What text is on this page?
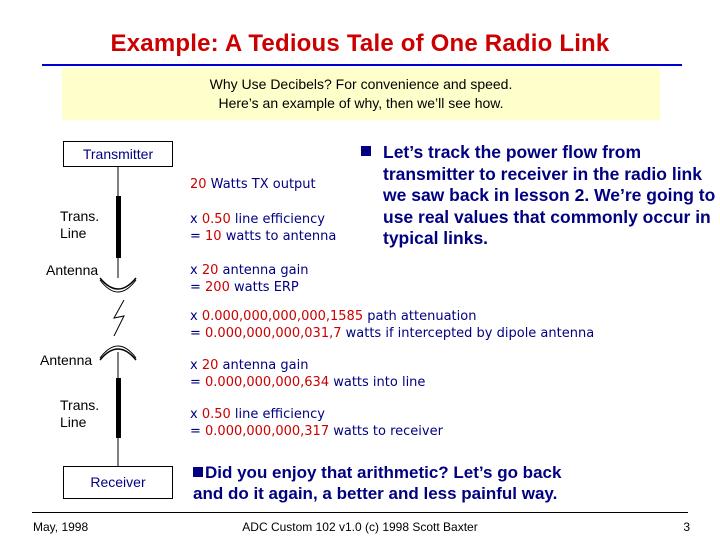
Example: A Tedious Tale of One Radio Link
Why Use Decibels? For convenience and speed.
Here’s an example of why, then we’ll see how.
Transmitter
Trans.
Line
Antenna
Antenna
Trans.
Line
Receiver
20 Watts TX output
x 0.50 line efficiency
= 10 watts to antenna
x 20 antenna gain
= 200 watts ERP
x 0.000,000,000,000,1585 path attenuation
= 0.000,000,000,031,7 watts if intercepted by dipole antenna
x 20 antenna gain
= 0.000,000,000,634 watts into line
x 0.50 line efficiency
= 0.000,000,000,317 watts to receiver
Let’s track the power flow from transmitter to receiver in the radio link we saw back in lesson 2. We’re going to use real values that commonly occur in typical links.
Did you enjoy that arithmetic? Let’s go back
and do it again, a better and less painful way.
May, 1998	ADC Custom 102 v1.0 (c) 1998 Scott Baxter	3
